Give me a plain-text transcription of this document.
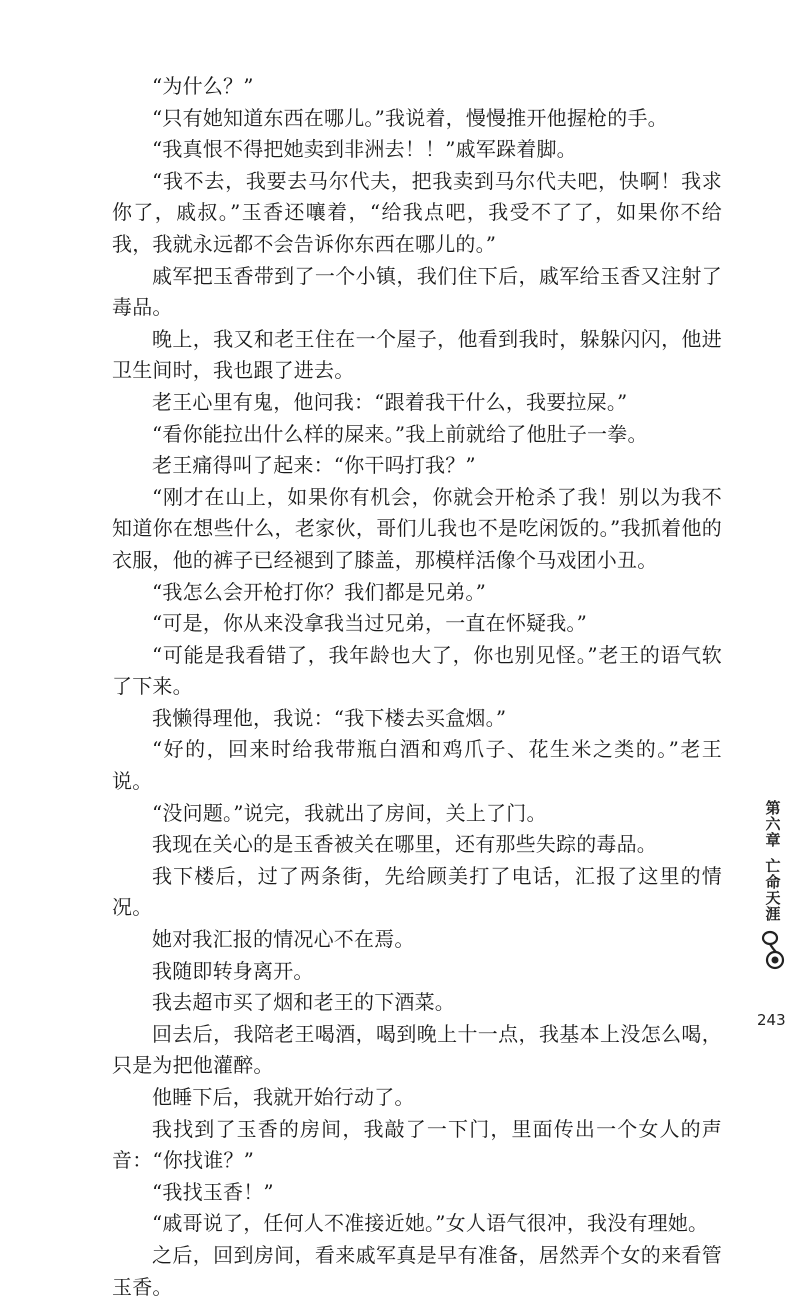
“为什么？”

“只有她知道东西在哪儿。”我说着，慢慢推开他握枪的手。

“我真恨不得把她卖到非洲去！！”戚军跺着脚。

“我不去，我要去马尔代夫，把我卖到马尔代夫吧，快啊！我求你了，戚叔。”玉香还嚷着，“给我点吧，我受不了了，如果你不给我，我就永远都不会告诉你东西在哪儿的。”

戚军把玉香带到了一个小镇，我们住下后，戚军给玉香又注射了毒品。

晚上，我又和老王住在一个屋子，他看到我时，躲躲闪闪，他进卫生间时，我也跟了进去。

老王心里有鬼，他问我：“跟着我干什么，我要拉屎。”

“看你能拉出什么样的屎来。”我上前就给了他肚子一拳。

老王痛得叫了起来：“你干吗打我？”

“刚才在山上，如果你有机会，你就会开枪杀了我！别以为我不知道你在想些什么，老家伙，哥们儿我也不是吃闲饭的。”我抓着他的衣服，他的裤子已经褪到了膝盖，那模样活像个马戏团小丑。

“我怎么会开枪打你？我们都是兄弟。”

“可是，你从来没拿我当过兄弟，一直在怀疑我。”

“可能是我看错了，我年龄也大了，你也别见怪。”老王的语气软了下来。

我懒得理他，我说：“我下楼去买盒烟。”

“好的，回来时给我带瓶白酒和鸡爪子、花生米之类的。”老王说。

“没问题。”说完，我就出了房间，关上了门。

我现在关心的是玉香被关在哪里，还有那些失踪的毒品。

我下楼后，过了两条街，先给顾美打了电话，汇报了这里的情况。

她对我汇报的情况心不在焉。

我随即转身离开。

我去超市买了烟和老王的下酒菜。

回去后，我陪老王喝酒，喝到晚上十一点，我基本上没怎么喝，只是为把他灌醉。

他睡下后，我就开始行动了。

我找到了玉香的房间，我敲了一下门，里面传出一个女人的声音：“你找谁？”

“我找玉香！”

“戚哥说了，任何人不准接近她。”女人语气很冲，我没有理她。

之后，回到房间，看来戚军真是早有准备，居然弄个女的来看管玉香。

第六章
亡命天涯
243
